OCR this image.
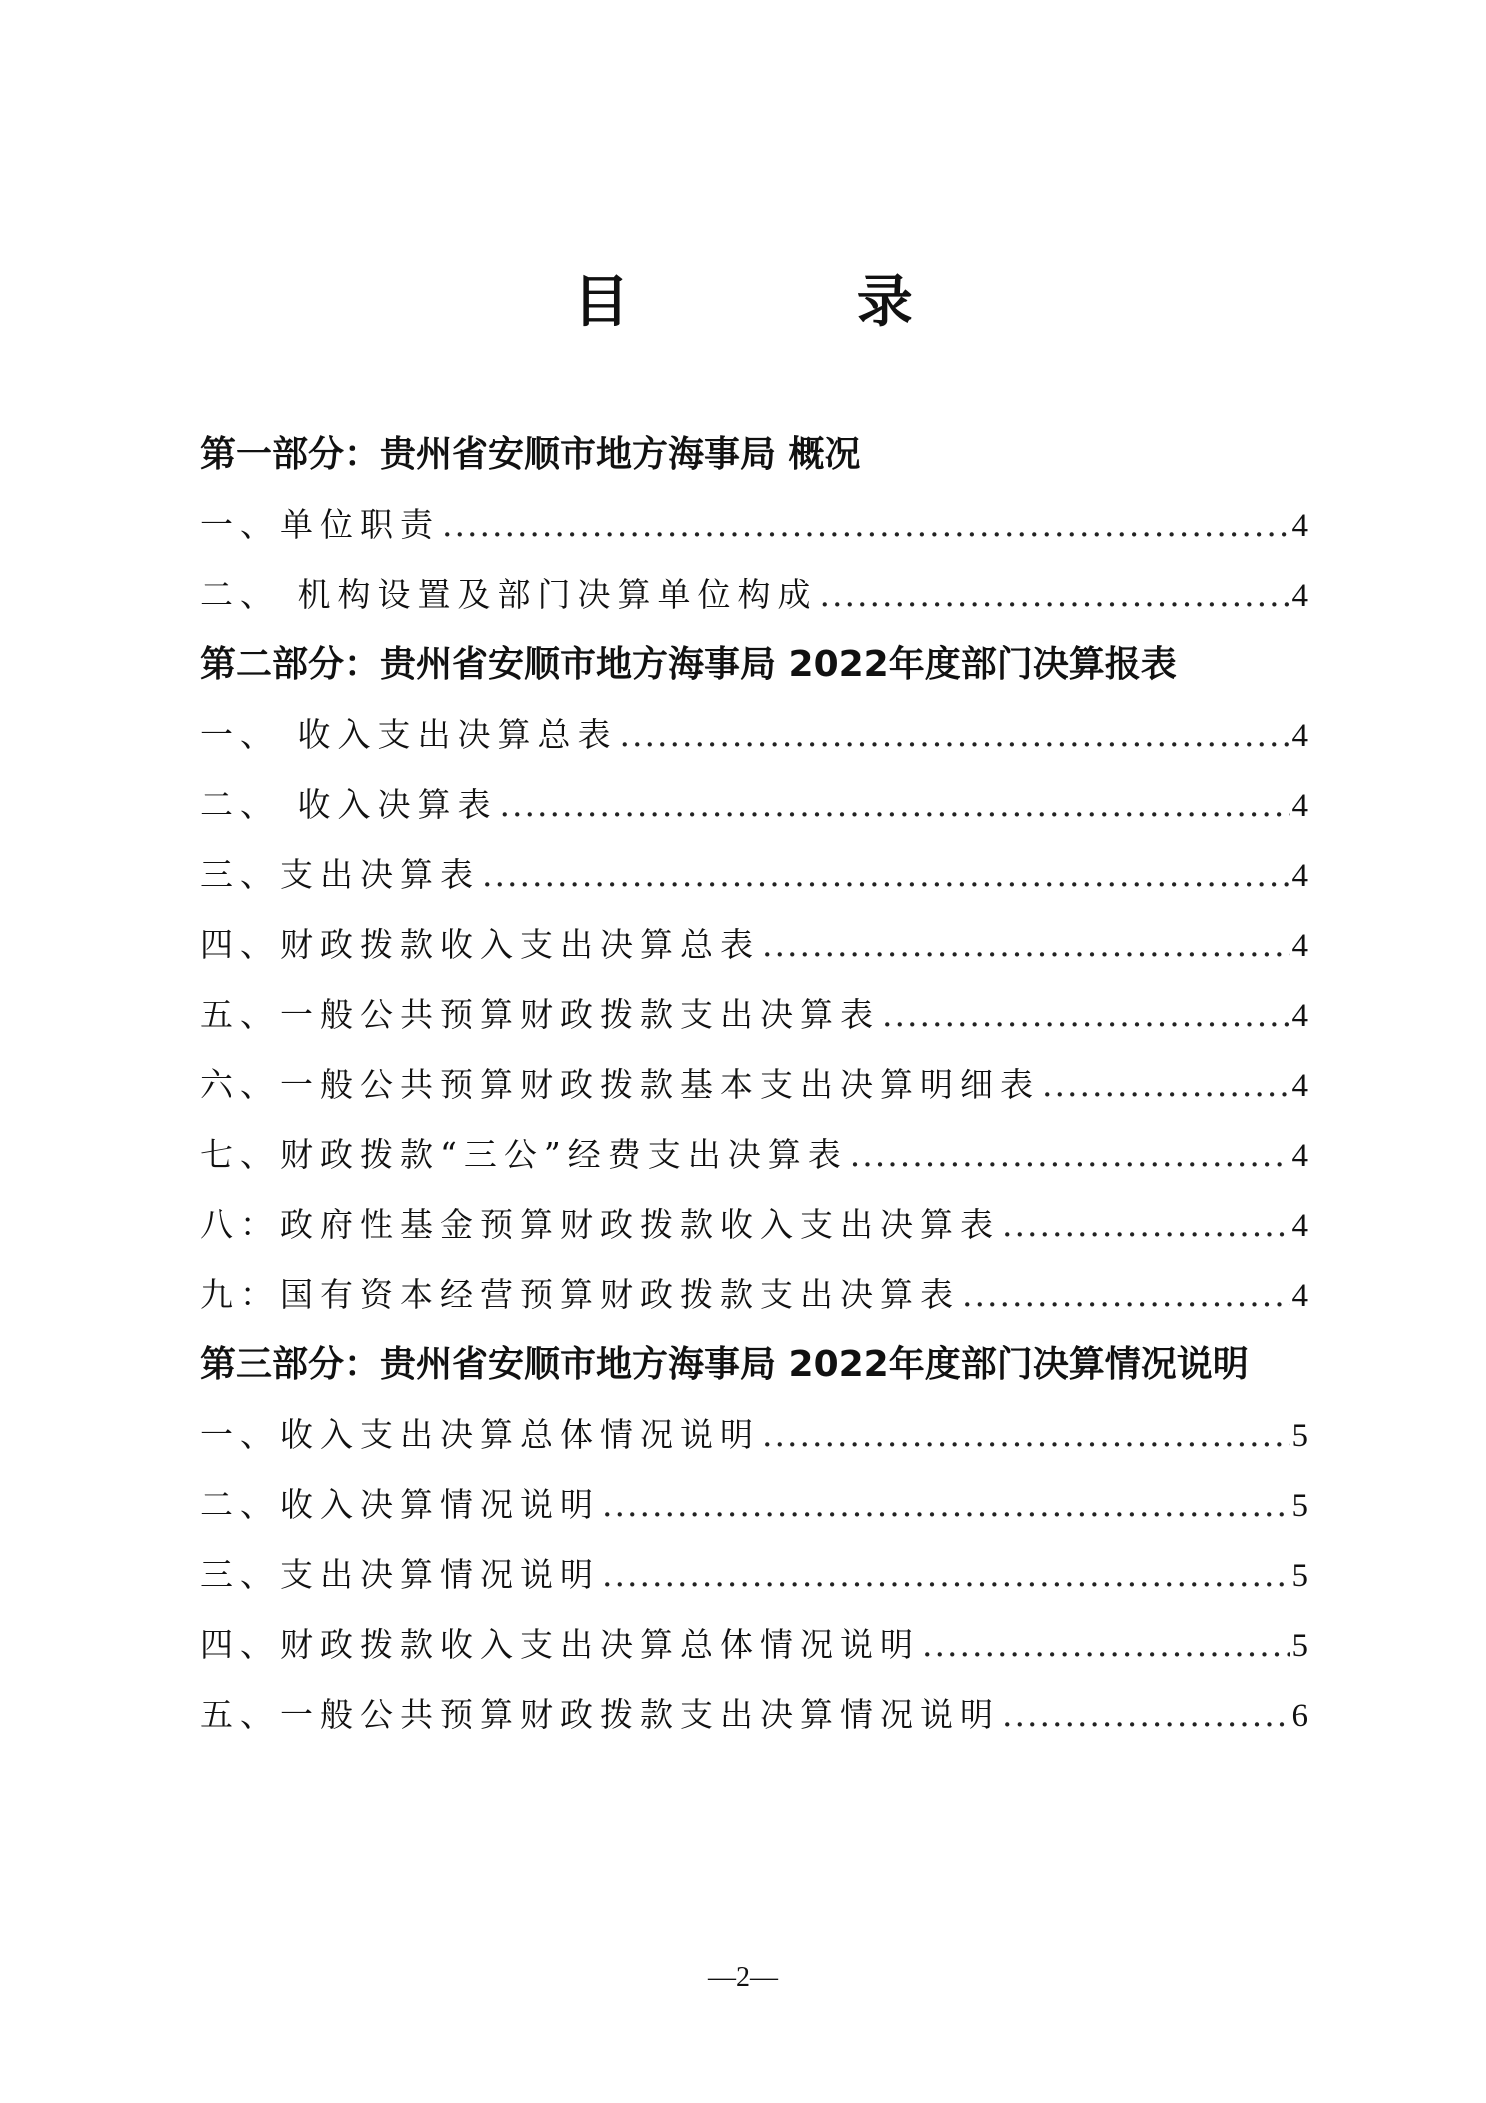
目 录
第一部分：贵州省安顺市地方海事局 概况
一、单位职责 .....	4
二、 机构设置及部门决算单位构成 .....	4
第二部分：贵州省安顺市地方海事局 2022年度部门决算报表
一、 收入支出决算总表 .....	4
二、 收入决算表 .....	4
三、支出决算表 .....	4
四、财政拨款收入支出决算总表 .....	4
五、一般公共预算财政拨款支出决算表 .....	4
六、一般公共预算财政拨款基本支出决算明细表 .....	4
七、财政拨款“三公”经费支出决算表 .....	4
八：政府性基金预算财政拨款收入支出决算表 .....	4
九：国有资本经营预算财政拨款支出决算表 .....	4
第三部分：贵州省安顺市地方海事局 2022年度部门决算情况说明
一、收入支出决算总体情况说明 .....	5
二、收入决算情况说明 .....	5
三、支出决算情况说明 .....	5
四、财政拨款收入支出决算总体情况说明 .....	5
五、一般公共预算财政拨款支出决算情况说明 .....	6
—2—
